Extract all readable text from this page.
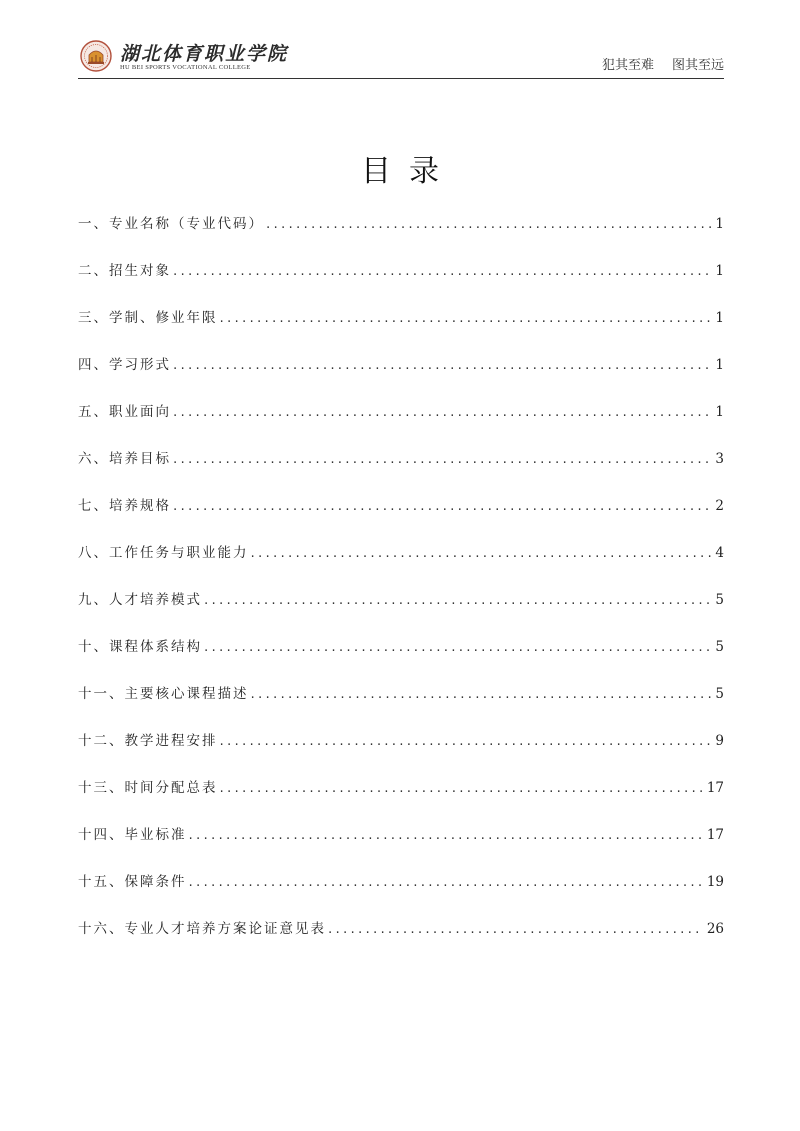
湖北体育职业学院
HU BEI SPORTS VOCATIONAL COLLEGE	犯其至难 图其至远
目录
一、专业名称（专业代码） .....	1
二、招生对象 .....	1
三、学制、修业年限 .....	1
四、学习形式 .....	1
五、职业面向 .....	1
六、培养目标 .....	3
七、培养规格 .....	2
八、工作任务与职业能力 .....	4
九、人才培养模式 .....	5
十、课程体系结构 .....	5
十一、主要核心课程描述 .....	5
十二、教学进程安排 .....	9
十三、时间分配总表 .....	17
十四、毕业标准 .....	17
十五、保障条件 .....	19
十六、专业人才培养方案论证意见表 .....	26
